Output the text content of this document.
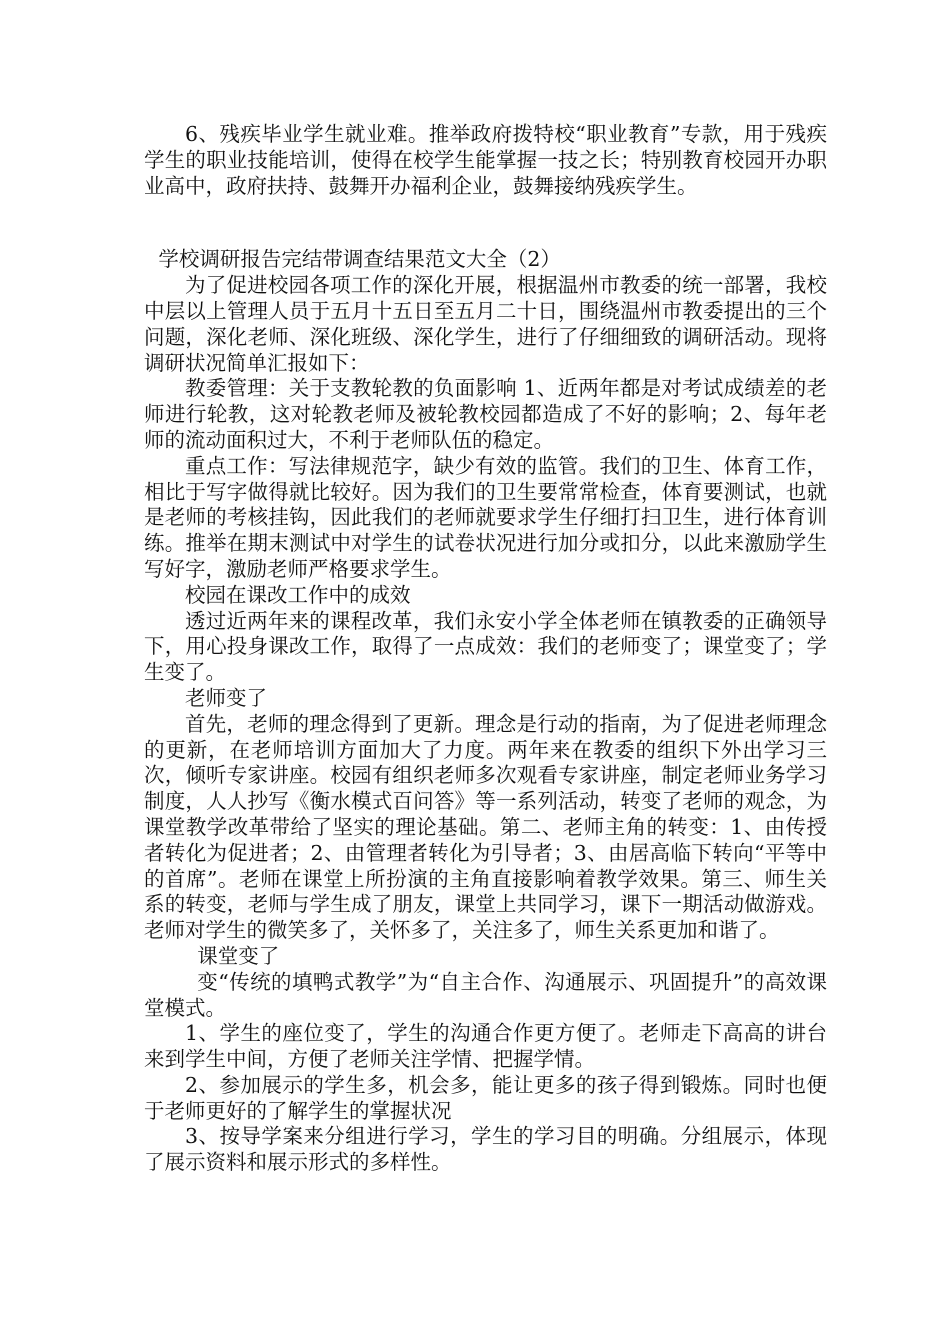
6、残疾毕业学生就业难。推举政府拨特校“职业教育”专款，用于残疾学生的职业技能培训，使得在校学生能掌握一技之长；特别教育校园开办职业高中，政府扶持、鼓舞开办福利企业，鼓舞接纳残疾学生。

学校调研报告完结带调查结果范文大全（2）

为了促进校园各项工作的深化开展，根据温州市教委的统一部署，我校中层以上管理人员于五月十五日至五月二十日，围绕温州市教委提出的三个问题，深化老师、深化班级、深化学生，进行了仔细细致的调研活动。现将调研状况简单汇报如下：

教委管理：关于支教轮教的负面影响 1、近两年都是对考试成绩差的老师进行轮教，这对轮教老师及被轮教校园都造成了不好的影响；2、每年老师的流动面积过大，不利于老师队伍的稳定。

重点工作：写法律规范字，缺少有效的监管。我们的卫生、体育工作，相比于写字做得就比较好。因为我们的卫生要常常检查，体育要测试，也就是老师的考核挂钩，因此我们的老师就要求学生仔细打扫卫生，进行体育训练。推举在期末测试中对学生的试卷状况进行加分或扣分，以此来激励学生写好字，激励老师严格要求学生。

校园在课改工作中的成效

透过近两年来的课程改革，我们永安小学全体老师在镇教委的正确领导下，用心投身课改工作，取得了一点成效：我们的老师变了；课堂变了；学生变了。

老师变了

首先，老师的理念得到了更新。理念是行动的指南，为了促进老师理念的更新，在老师培训方面加大了力度。两年来在教委的组织下外出学习三次，倾听专家讲座。校园有组织老师多次观看专家讲座，制定老师业务学习制度，人人抄写《衡水模式百问答》等一系列活动，转变了老师的观念，为课堂教学改革带给了坚实的理论基础。第二、老师主角的转变：1、由传授者转化为促进者；2、由管理者转化为引导者；3、由居高临下转向“平等中的首席”。老师在课堂上所扮演的主角直接影响着教学效果。第三、师生关系的转变，老师与学生成了朋友，课堂上共同学习，课下一期活动做游戏。老师对学生的微笑多了，关怀多了，关注多了，师生关系更加和谐了。

课堂变了

变“传统的填鸭式教学”为“自主合作、沟通展示、巩固提升”的高效课堂模式。

1、学生的座位变了，学生的沟通合作更方便了。老师走下高高的讲台来到学生中间，方便了老师关注学情、把握学情。

2、参加展示的学生多，机会多，能让更多的孩子得到锻炼。同时也便于老师更好的了解学生的掌握状况

3、按导学案来分组进行学习，学生的学习目的明确。分组展示，体现了展示资料和展示形式的多样性。
